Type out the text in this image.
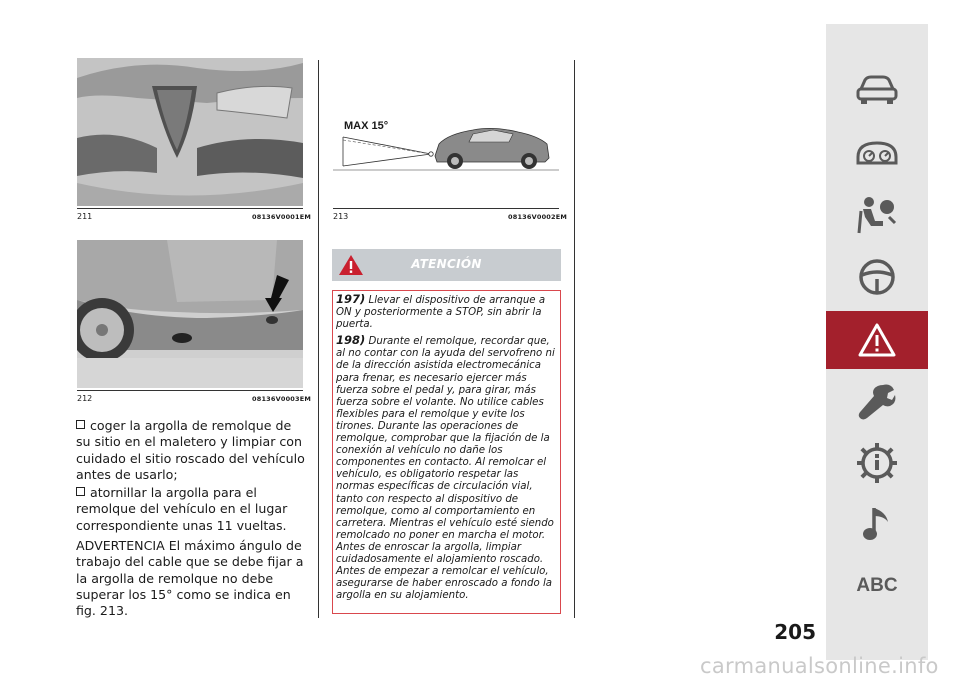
211	08136V0001EM
212	08136V0003EM

coger la argolla de remolque de su sitio en el maletero y limpiar con cuidado el sitio roscado del vehículo antes de usarlo;

atornillar la argolla para el remolque del vehículo en el lugar correspondiente unas 11 vueltas.

ADVERTENCIA El máximo ángulo de trabajo del cable que se debe fijar a la argolla de remolque no debe superar los 15° como se indica en fig. 213.

MAX 15°
213	08136V0002EM
ATENCIÓN

197) Llevar el dispositivo de arranque a ON y posteriormente a STOP, sin abrir la puerta.

198) Durante el remolque, recordar que, al no contar con la ayuda del servofreno ni de la dirección asistida electromecánica para frenar, es necesario ejercer más fuerza sobre el pedal y, para girar, más fuerza sobre el volante. No utilice cables flexibles para el remolque y evite los tirones. Durante las operaciones de remolque, comprobar que la fijación de la conexión al vehículo no dañe los componentes en contacto. Al remolcar el vehículo, es obligatorio respetar las normas específicas de circulación vial, tanto con respecto al dispositivo de remolque, como al comportamiento en carretera. Mientras el vehículo esté siendo remolcado no poner en marcha el motor. Antes de enroscar la argolla, limpiar cuidadosamente el alojamiento roscado. Antes de empezar a remolcar el vehículo, asegurarse de haber enroscado a fondo la argolla en su alojamiento.	ABC
205
carmanualsonline.info
